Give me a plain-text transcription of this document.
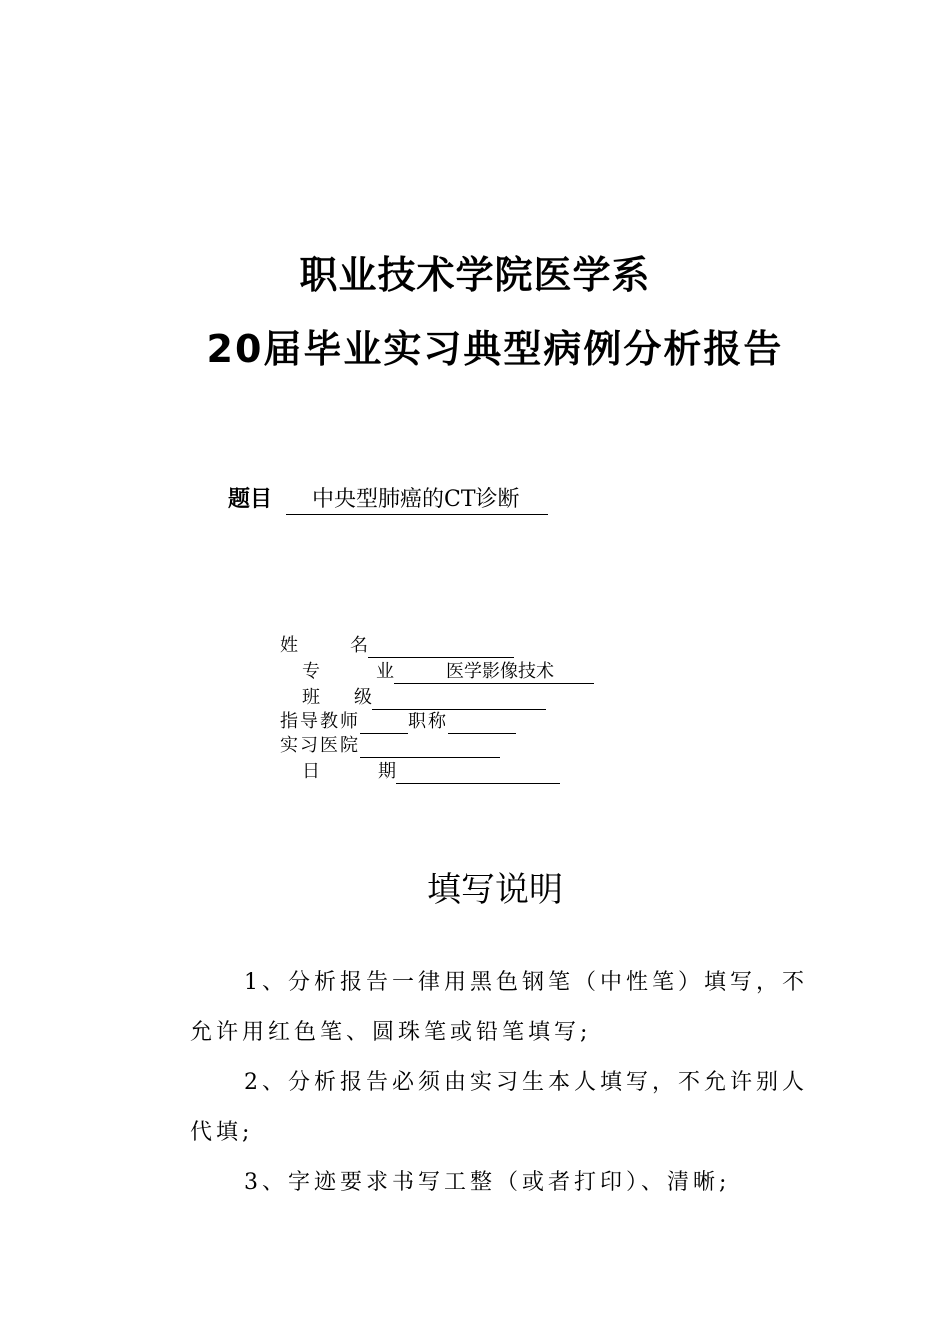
职业技术学院医学系
20届毕业实习典型病例分析报告
题目 中央型肺癌的CT诊断
姓	名
专	业	医学影像技术
班 级
指导教师	职称
实习医院
日	期
填写说明
1、分析报告一律用黑色钢笔（中性笔）填写，不
允许用红色笔、圆珠笔或铅笔填写;
2、分析报告必须由实习生本人填写，不允许别人
代填;
3、字迹要求书写工整（或者打印）、清晰;
